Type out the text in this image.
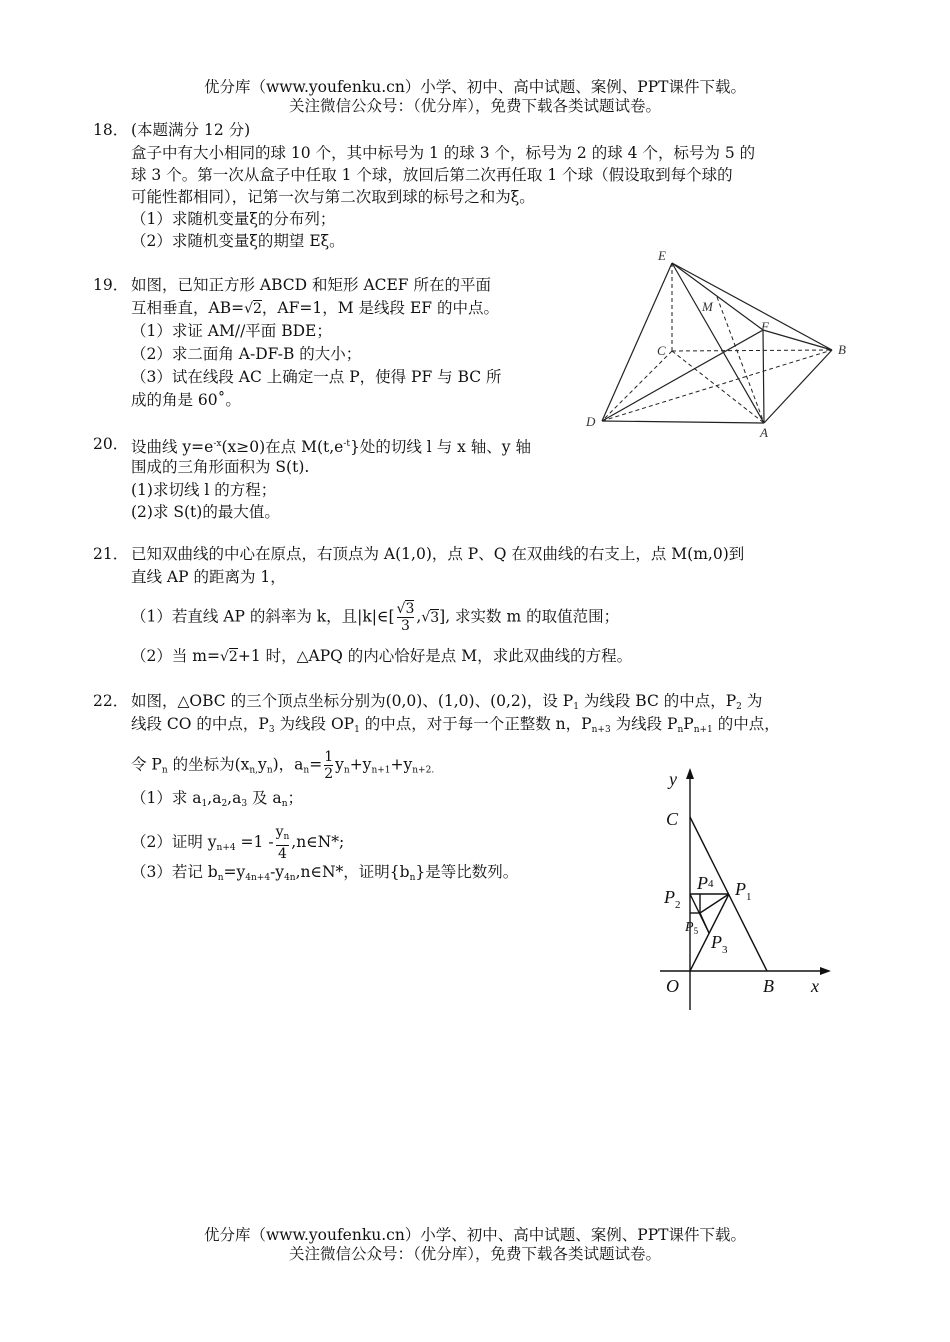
优分库（www.youfenku.cn）小学、初中、高中试题、案例、PPT课件下载。
关注微信公众号：（优分库），免费下载各类试题试卷。
18． (本题满分 12 分)
盒子中有大小相同的球 10 个，其中标号为 1 的球 3 个，标号为 2 的球 4 个，标号为 5 的
球 3 个。第一次从盒子中任取 1 个球，放回后第二次再任取 1 个球（假设取到每个球的
可能性都相同），记第一次与第二次取到球的标号之和为ξ。
（1）求随机变量ξ的分布列；
（2）求随机变量ξ的期望 Eξ。
19． 如图，已知正方形 ABCD 和矩形 ACEF 所在的平面
互相垂直，AB=√2，AF=1，M 是线段 EF 的中点。
（1）求证 AM//平面 BDE；
（2）求二面角 A-DF-B 的大小；
（3）试在线段 AC 上确定一点 P，使得 PF 与 BC 所
成的角是 60˚。
E
M
F
C	B
D
A
20． 设曲线 $y=e^{-x}(x\ge 0)$在点 $M(t,e^{-t}\}$处的切线 l 与 x 轴、y 轴
围成的三角形面积为 S(t).
(1)求切线 l 的方程；
(2)求 S(t)的最大值。
21． 已知双曲线的中心在原点，右顶点为 A(1,0)，点 P、Q 在双曲线的右支上，点 M(m,0)到
直线 AP 的距离为 1，
（1）若直线 AP 的斜率为 k，且|k|∈[ $\frac{√3}{3} ,√3$], 求实数 m 的取值范围；
（2）当 m=√2+1 时，△APQ 的内心恰好是点 M，求此双曲线的方程。
22． 如图，△OBC 的三个顶点坐标分别为(0,0)、(1,0)、(0,2)，设 $P_1$ 为线段 BC 的中点，$P_2$ 为
线段 CO 的中点，$P_3$ 为线段 $OP_1$ 的中点，对于每一个正整数 n，$P_{n+3}$ 为线段 $P_nP_{n+1}$ 的中点，
令 $P_n$ 的坐标为$(x_{n,}y_n)$，$a_n= \frac{1}{2} y_n+y_{n+1}+y_{n+2.}$
（1）求 $a_1,a_2,a_3$ 及 $a_n$；
（2）证明 $y_{n+4} =1 - \frac{y_n}{4}$ ,n∈N*;
（3）若记 $b_n=y_{4n+4}-y_{4n},n\in N*$，证明$\{b_n\}$是等比数列。
y
x
C
O	B
$P_1$
$P_2$
$P_3$
P4
$P_5$
优分库（www.youfenku.cn）小学、初中、高中试题、案例、PPT课件下载。
关注微信公众号：（优分库），免费下载各类试题试卷。
